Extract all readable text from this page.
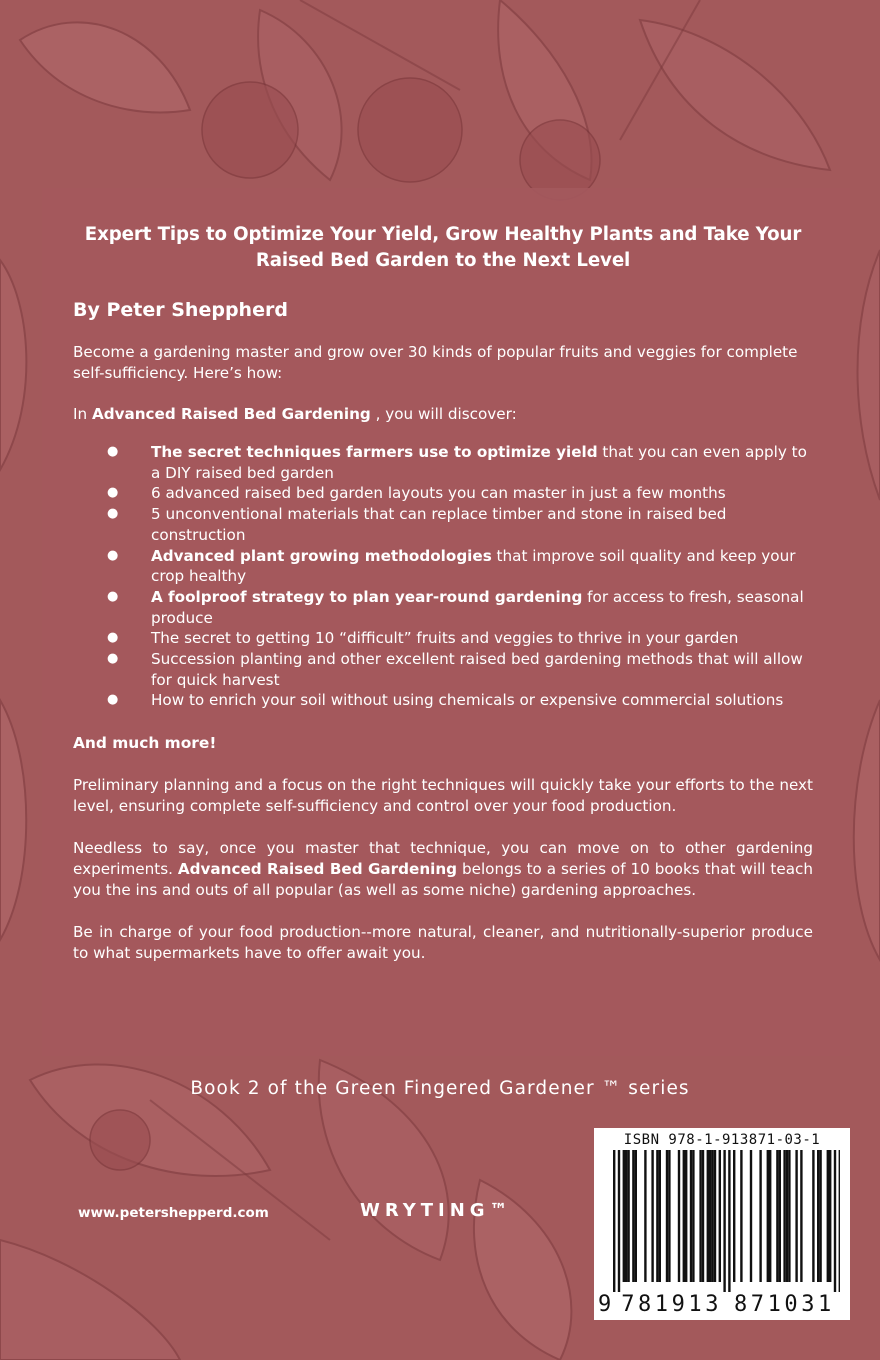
Expert Tips to Optimize Your Yield, Grow Healthy Plants and Take Your Raised Bed Garden to the Next Level
By Peter Sheppherd

Become a gardening master and grow over 30 kinds of popular fruits and veggies for complete self-sufficiency. Here’s how:

In Advanced Raised Bed Gardening , you will discover:

● The secret techniques farmers use to optimize yield that you can even apply to a DIY raised bed garden
● 6 advanced raised bed garden layouts you can master in just a few months
● 5 unconventional materials that can replace timber and stone in raised bed construction
● Advanced plant growing methodologies that improve soil quality and keep your crop healthy
● A foolproof strategy to plan year-round gardening for access to fresh, seasonal produce
● The secret to getting 10 “difficult” fruits and veggies to thrive in your garden
● Succession planting and other excellent raised bed gardening methods that will allow for quick harvest
● How to enrich your soil without using chemicals or expensive commercial solutions
And much more!

Preliminary planning and a focus on the right techniques will quickly take your efforts to the next level, ensuring complete self-sufficiency and control over your food production.

Needless to say, once you master that technique, you can move on to other gardening experiments. Advanced Raised Bed Gardening belongs to a series of 10 books that will teach you the ins and outs of all popular (as well as some niche) gardening approaches.

Be in charge of your food production--more natural, cleaner, and nutritionally-superior produce to what supermarkets have to offer await you.

Book 2 of the Green Fingered Gardener ™ series
www.petershepperd.com	WRYTING™
ISBN 978-1-913871-03-1
9 7 8 1 9 1 3 8 7 1 0 3 1
